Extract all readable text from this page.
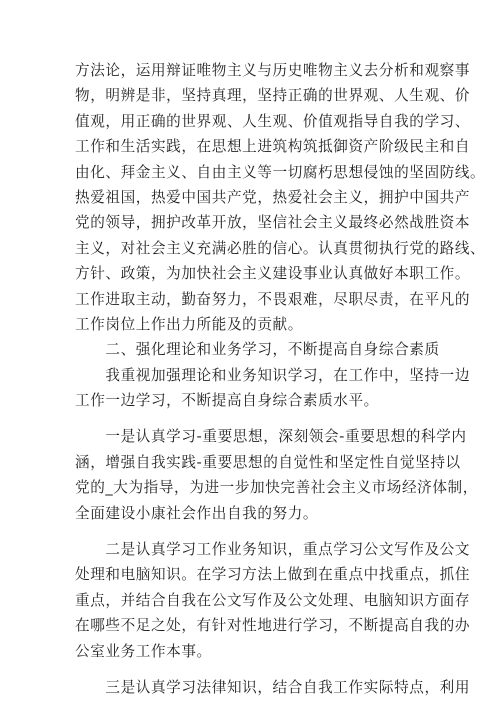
方法论，运用辩证唯物主义与历史唯物主义去分析和观察事
物，明辨是非，坚持真理，坚持正确的世界观、人生观、价
值观，用正确的世界观、人生观、价值观指导自我的学习、
工作和生活实践，在思想上进筑构筑抵御资产阶级民主和自
由化、拜金主义、自由主义等一切腐朽思想侵蚀的坚固防线。
热爱祖国，热爱中国共产党，热爱社会主义，拥护中国共产
党的领导，拥护改革开放，坚信社会主义最终必然战胜资本
主义，对社会主义充满必胜的信心。认真贯彻执行党的路线、
方针、政策，为加快社会主义建设事业认真做好本职工作。
工作进取主动，勤奋努力，不畏艰难，尽职尽责，在平凡的
工作岗位上作出力所能及的贡献。
　　二、强化理论和业务学习，不断提高自身综合素质
　　我重视加强理论和业务知识学习，在工作中，坚持一边
工作一边学习，不断提高自身综合素质水平。
　　一是认真学习-重要思想，深刻领会-重要思想的科学内
涵，增强自我实践-重要思想的自觉性和坚定性自觉坚持以
党的_大为指导，为进一步加快完善社会主义市场经济体制，
全面建设小康社会作出自我的努力。
　　二是认真学习工作业务知识，重点学习公文写作及公文
处理和电脑知识。在学习方法上做到在重点中找重点，抓住
重点，并结合自我在公文写作及公文处理、电脑知识方面存
在哪些不足之处，有针对性地进行学习，不断提高自我的办
公室业务工作本事。
　　三是认真学习法律知识，结合自我工作实际特点，利用
